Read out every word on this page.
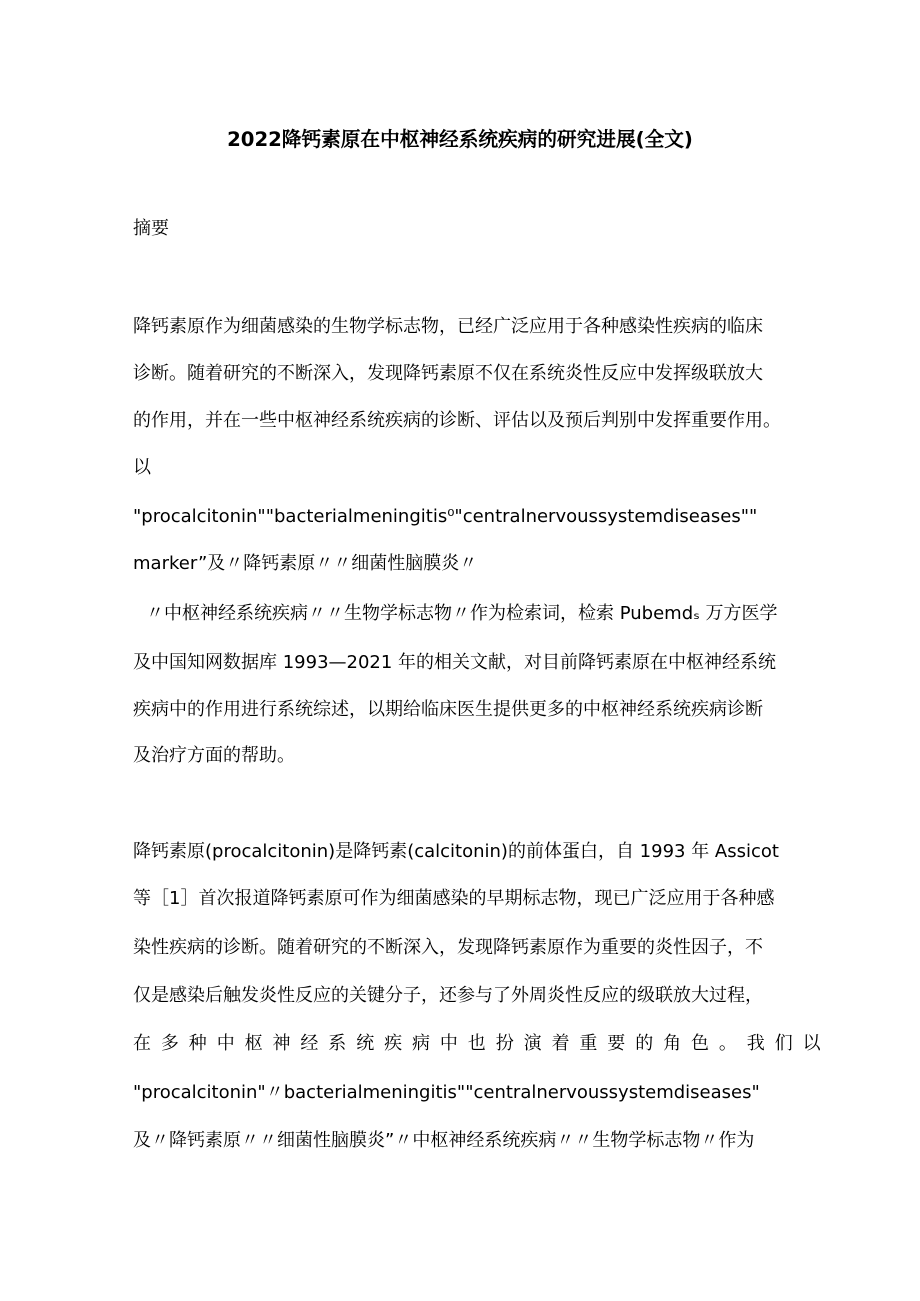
2022降钙素原在中枢神经系统疾病的研究进展(全文)
摘要
降钙素原作为细菌感染的生物学标志物，已经广泛应用于各种感染性疾病的临床
诊断。随着研究的不断深入，发现降钙素原不仅在系统炎性反应中发挥级联放大
的作用，并在一些中枢神经系统疾病的诊断、评估以及预后判别中发挥重要作用。
以
"procalcitonin""bacterialmeningitis⁰"centralnervoussystemdiseases""
marker”及〃降钙素原〃〃细菌性脑膜炎〃
〃中枢神经系统疾病〃〃生物学标志物〃作为检索词，检索 Pubemdₛ 万方医学
及中国知网数据库 1993—2021 年的相关文献，对目前降钙素原在中枢神经系统
疾病中的作用进行系统综述，以期给临床医生提供更多的中枢神经系统疾病诊断
及治疗方面的帮助。
降钙素原(procalcitonin)是降钙素(calcitonin)的前体蛋白，自 1993 年 Assicot
等［1］首次报道降钙素原可作为细菌感染的早期标志物，现已广泛应用于各种感
染性疾病的诊断。随着研究的不断深入，发现降钙素原作为重要的炎性因子，不
仅是感染后触发炎性反应的关键分子，还参与了外周炎性反应的级联放大过程，
在多种中枢神经系统疾病中也扮演着重要的角色。我们以
"procalcitonin"〃bacterialmeningitis""centralnervoussystemdiseases"
及〃降钙素原〃〃细菌性脑膜炎”〃中枢神经系统疾病〃〃生物学标志物〃作为
